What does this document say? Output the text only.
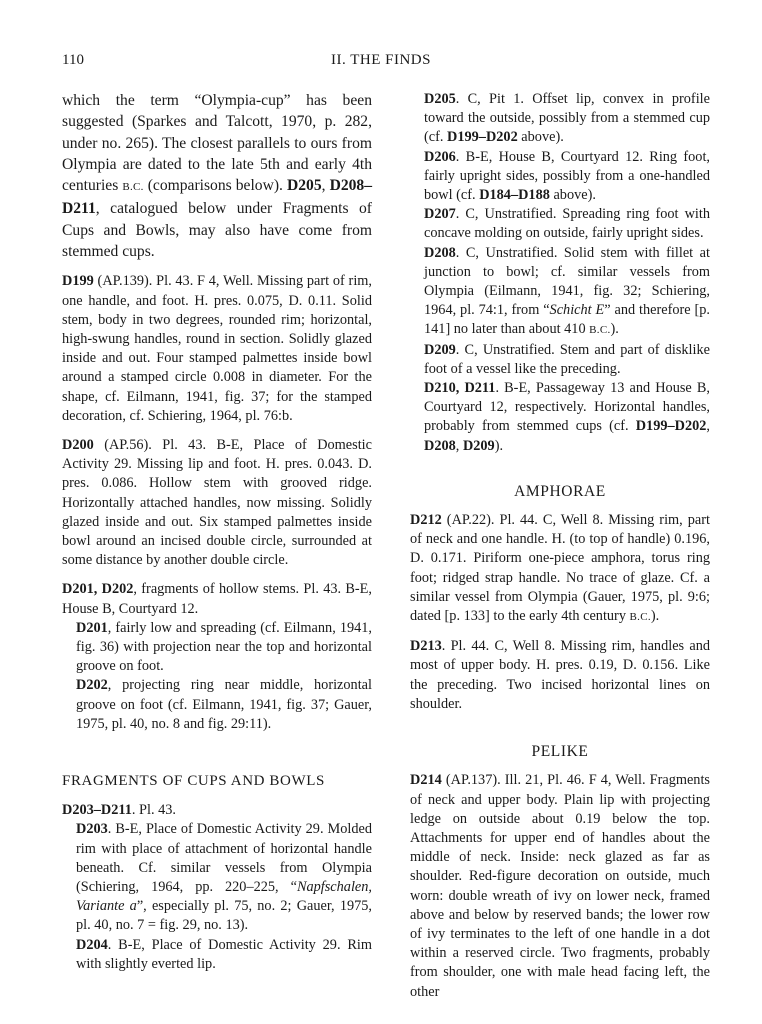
110	II. THE FINDS

which the term “Olympia-cup” has been suggested (Sparkes and Talcott, 1970, p. 282, under no. 265). The closest parallels to ours from Olympia are dated to the late 5th and early 4th centuries B.C. (comparisons below). D205, D208–D211, catalogued below under Fragments of Cups and Bowls, may also have come from stemmed cups.

D199 (AP.139). Pl. 43. F 4, Well. Missing part of rim, one handle, and foot. H. pres. 0.075, D. 0.11. Solid stem, body in two degrees, rounded rim; horizontal, high-swung handles, round in section. Solidly glazed inside and out. Four stamped palmettes inside bowl around a stamped circle 0.008 in diameter. For the shape, cf. Eilmann, 1941, fig. 37; for the stamped decoration, cf. Schiering, 1964, pl. 76:b.

D200 (AP.56). Pl. 43. B-E, Place of Domestic Activity 29. Missing lip and foot. H. pres. 0.043. D. pres. 0.086. Hollow stem with grooved ridge. Horizontally attached handles, now missing. Solidly glazed inside and out. Six stamped palmettes inside bowl around an incised double circle, surrounded at some distance by another double circle.

D201, D202, fragments of hollow stems. Pl. 43. B-E, House B, Courtyard 12.

D201, fairly low and spreading (cf. Eilmann, 1941, fig. 36) with projection near the top and horizontal groove on foot.

D202, projecting ring near middle, horizontal groove on foot (cf. Eilmann, 1941, fig. 37; Gauer, 1975, pl. 40, no. 8 and fig. 29:11).

FRAGMENTS OF CUPS AND BOWLS

D203–D211. Pl. 43.

D203. B-E, Place of Domestic Activity 29. Molded rim with place of attachment of horizontal handle beneath. Cf. similar vessels from Olympia (Schiering, 1964, pp. 220–225, “Napfschalen, Variante a”, especially pl. 75, no. 2; Gauer, 1975, pl. 40, no. 7 = fig. 29, no. 13).

D204. B-E, Place of Domestic Activity 29. Rim with slightly everted lip.

D205. C, Pit 1. Offset lip, convex in profile toward the outside, possibly from a stemmed cup (cf. D199–D202 above).

D206. B-E, House B, Courtyard 12. Ring foot, fairly upright sides, possibly from a one-handled bowl (cf. D184–D188 above).

D207. C, Unstratified. Spreading ring foot with concave molding on outside, fairly upright sides.

D208. C, Unstratified. Solid stem with fillet at junction to bowl; cf. similar vessels from Olympia (Eilmann, 1941, fig. 32; Schiering, 1964, pl. 74:1, from “Schicht E” and therefore [p. 141] no later than about 410 B.C.).

D209. C, Unstratified. Stem and part of disklike foot of a vessel like the preceding.

D210, D211. B-E, Passageway 13 and House B, Courtyard 12, respectively. Horizontal handles, probably from stemmed cups (cf. D199–D202, D208, D209).

AMPHORAE

D212 (AP.22). Pl. 44. C, Well 8. Missing rim, part of neck and one handle. H. (to top of handle) 0.196, D. 0.171. Piriform one-piece amphora, torus ring foot; ridged strap handle. No trace of glaze. Cf. a similar vessel from Olympia (Gauer, 1975, pl. 9:6; dated [p. 133] to the early 4th century B.C.).

D213. Pl. 44. C, Well 8. Missing rim, handles and most of upper body. H. pres. 0.19, D. 0.156. Like the preceding. Two incised horizontal lines on shoulder.

PELIKE

D214 (AP.137). Ill. 21, Pl. 46. F 4, Well. Fragments of neck and upper body. Plain lip with projecting ledge on outside about 0.19 below the top. Attachments for upper end of handles about the middle of neck. Inside: neck glazed as far as shoulder. Red-figure decoration on outside, much worn: double wreath of ivy on lower neck, framed above and below by reserved bands; the lower row of ivy terminates to the left of one handle in a dot within a reserved circle. Two fragments, probably from shoulder, one with male head facing left, the other
